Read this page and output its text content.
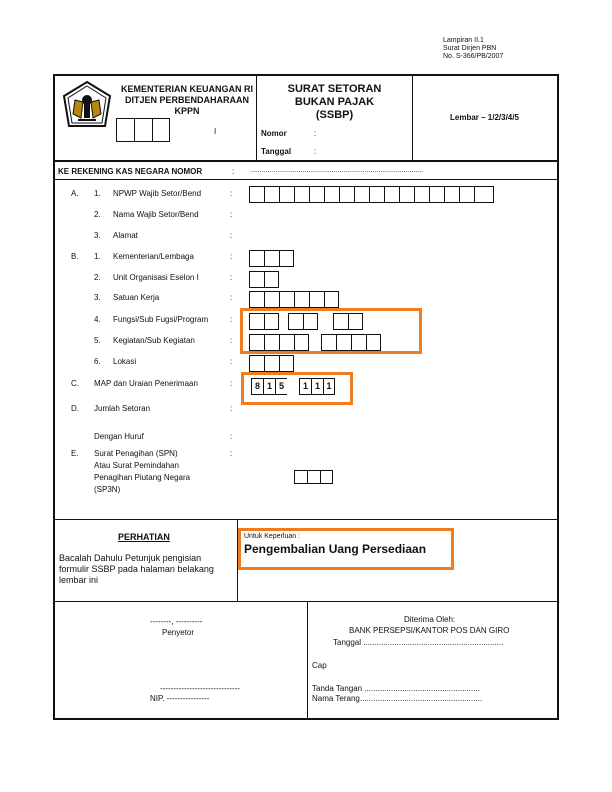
Lampiran II.1
Surat Dirjen PBN
No. S-366/PB/2007
KEMENTERIAN KEUANGAN RI
DITJEN PERBENDAHARAAN
KPPN
I
SURAT SETORAN
BUKAN PAJAK
(SSBP)
Nomor	:
Tanggal	:
Lembar – 1/2/3/4/5
KE REKENING KAS NEGARA NOMOR	: .........................................................................................
A. 1. NPWP Wajib Setor/Bend	:
2. Nama Wajib Setor/Bend	:
3. Alamat	:
B. 1. Kementerian/Lembaga	:
2. Unit Organisasi Eselon I	:
3. Satuan Kerja	:
4. Fungsi/Sub Fugsi/Program	:
5. Kegiatan/Sub Kegiatan	:
6. Lokasi	:
C. MAP dan Uraian Penerimaan	:	8 1 5	1 1 1
D. Jumlah Setoran	:
Dengan Huruf	:
E. Surat Penagihan (SPN)
Atau Surat Pemindahan
Penagihan Piutang Negara
(SP3N)
:
PERHATIAN
Bacalah Dahulu Petunjuk pengisian
formulir SSBP pada halaman belakang
lembar ini
Untuk Keperluan :
Pengembalian Uang Persediaan
--------, ----------
Penyetor
------------------------------
NIP. ----------------
Diterima Oleh:
BANK PERSEPSI/KANTOR POS DAN GIRO
Tanggal ...............................................................
Cap
Tanda Tangan ....................................................
Nama Terang.......................................................
